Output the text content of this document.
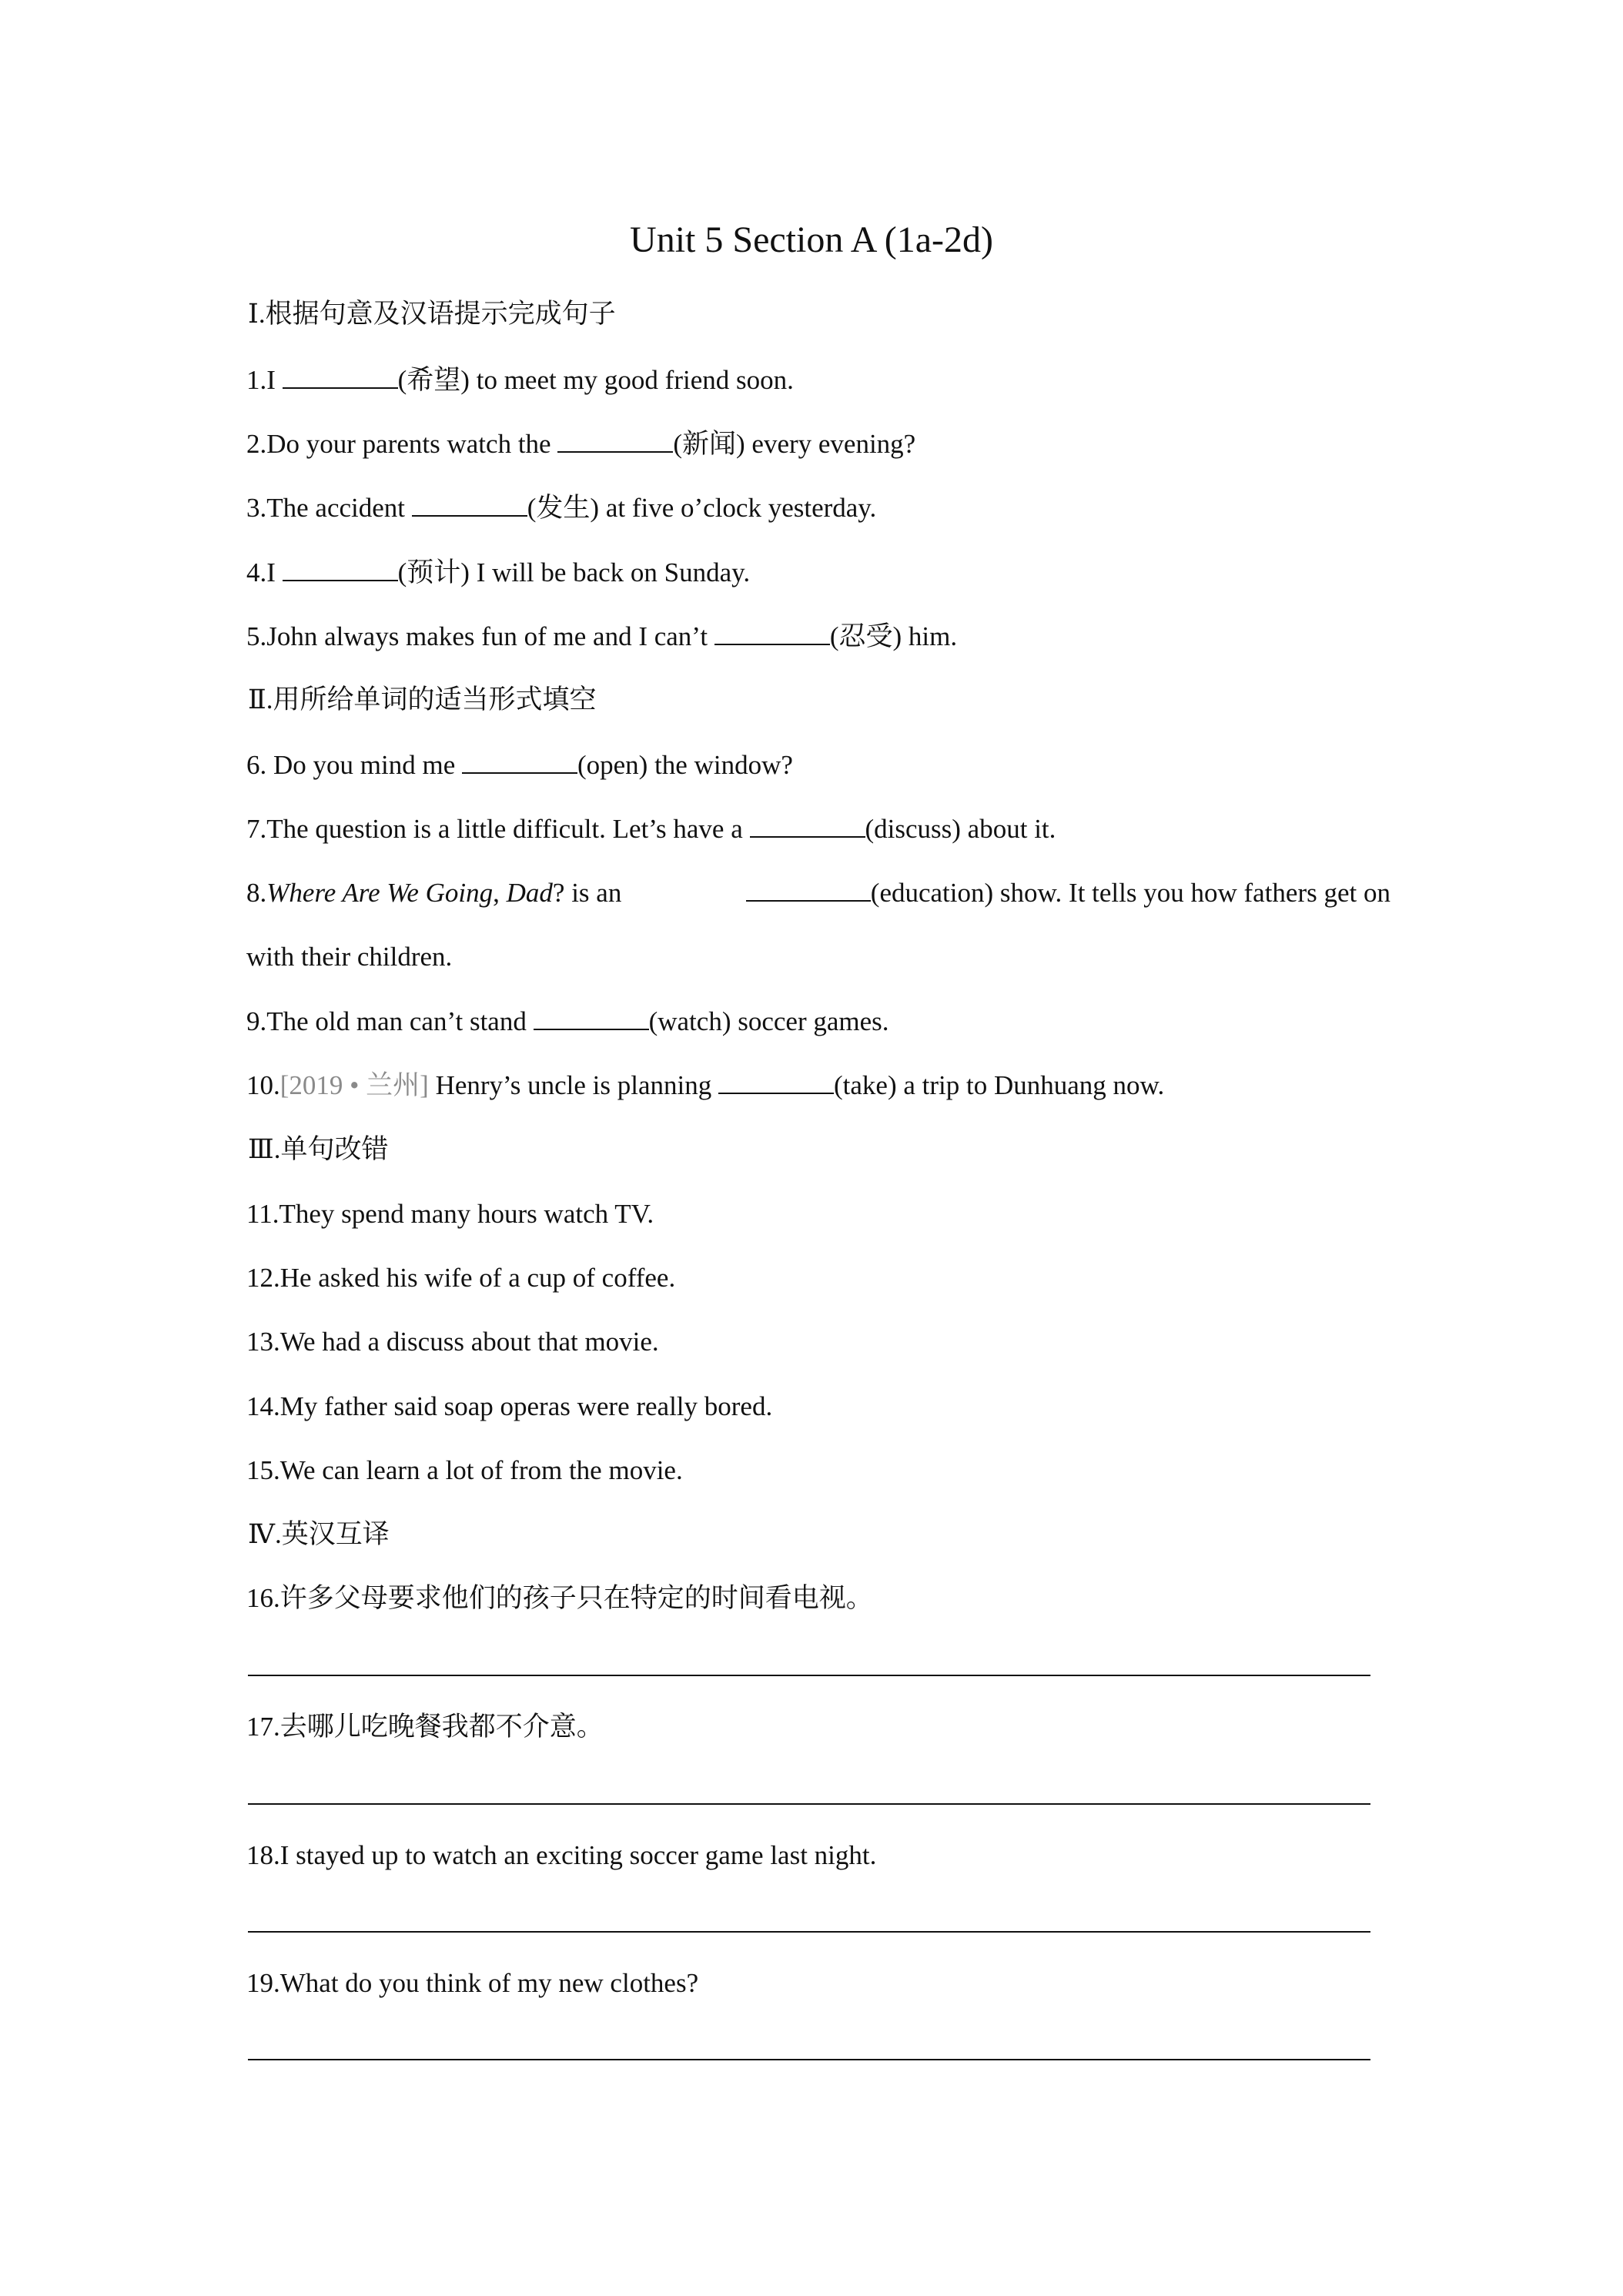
Unit 5 Section A (1a-2d)
Ⅰ.根据句意及汉语提示完成句子
1.I	(希望) to meet my good friend soon.
2.Do your parents watch the	(新闻) every evening?
3.The accident	(发生) at five o’clock yesterday.
4.I	(预计) I will be back on Sunday.
5.John always makes fun of me and I can’t	(忍受) him.
Ⅱ.用所给单词的适当形式填空
6. Do you mind me	(open) the window?
7.The question is a little difficult. Let’s have a	(discuss) about it.
8.Where Are We Going, Dad? is an	(education) show. It tells you how fathers get on
with their children.
9.The old man can’t stand	(watch) soccer games.
10.[2019 • 兰州] Henry’s uncle is planning	(take) a trip to Dunhuang now.
Ⅲ.单句改错
11.They spend many hours watch TV.
12.He asked his wife of a cup of coffee.
13.We had a discuss about that movie.
14.My father said soap operas were really bored.
15.We can learn a lot of from the movie.
Ⅳ.英汉互译
16.许多父母要求他们的孩子只在特定的时间看电视。
17.去哪儿吃晚餐我都不介意。
18.I stayed up to watch an exciting soccer game last night.
19.What do you think of my new clothes?
